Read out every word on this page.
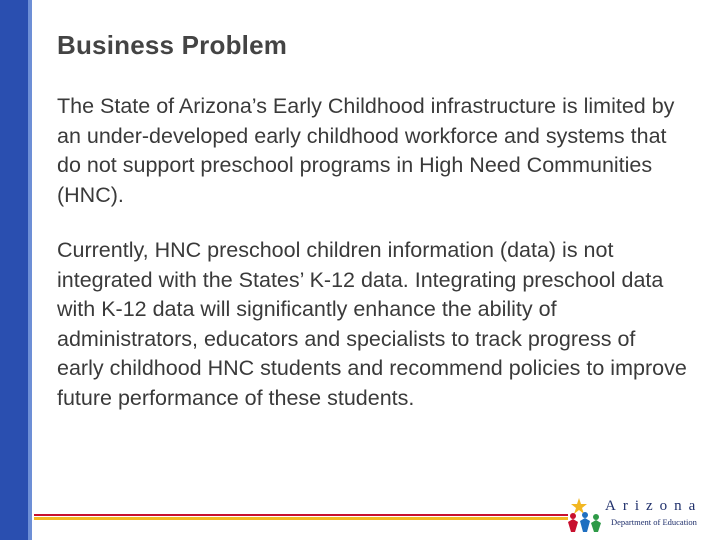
Business Problem

The State of Arizona’s Early Childhood infrastructure is limited by an under-developed early childhood workforce and systems that do not support preschool programs in High Need Communities (HNC).

Currently, HNC preschool children information (data) is not integrated with the States’ K-12 data. Integrating preschool data with K-12 data will significantly enhance the ability of administrators, educators and specialists to track progress of early childhood HNC students and recommend policies to improve future performance of these students.

Arizona
Department of Education
